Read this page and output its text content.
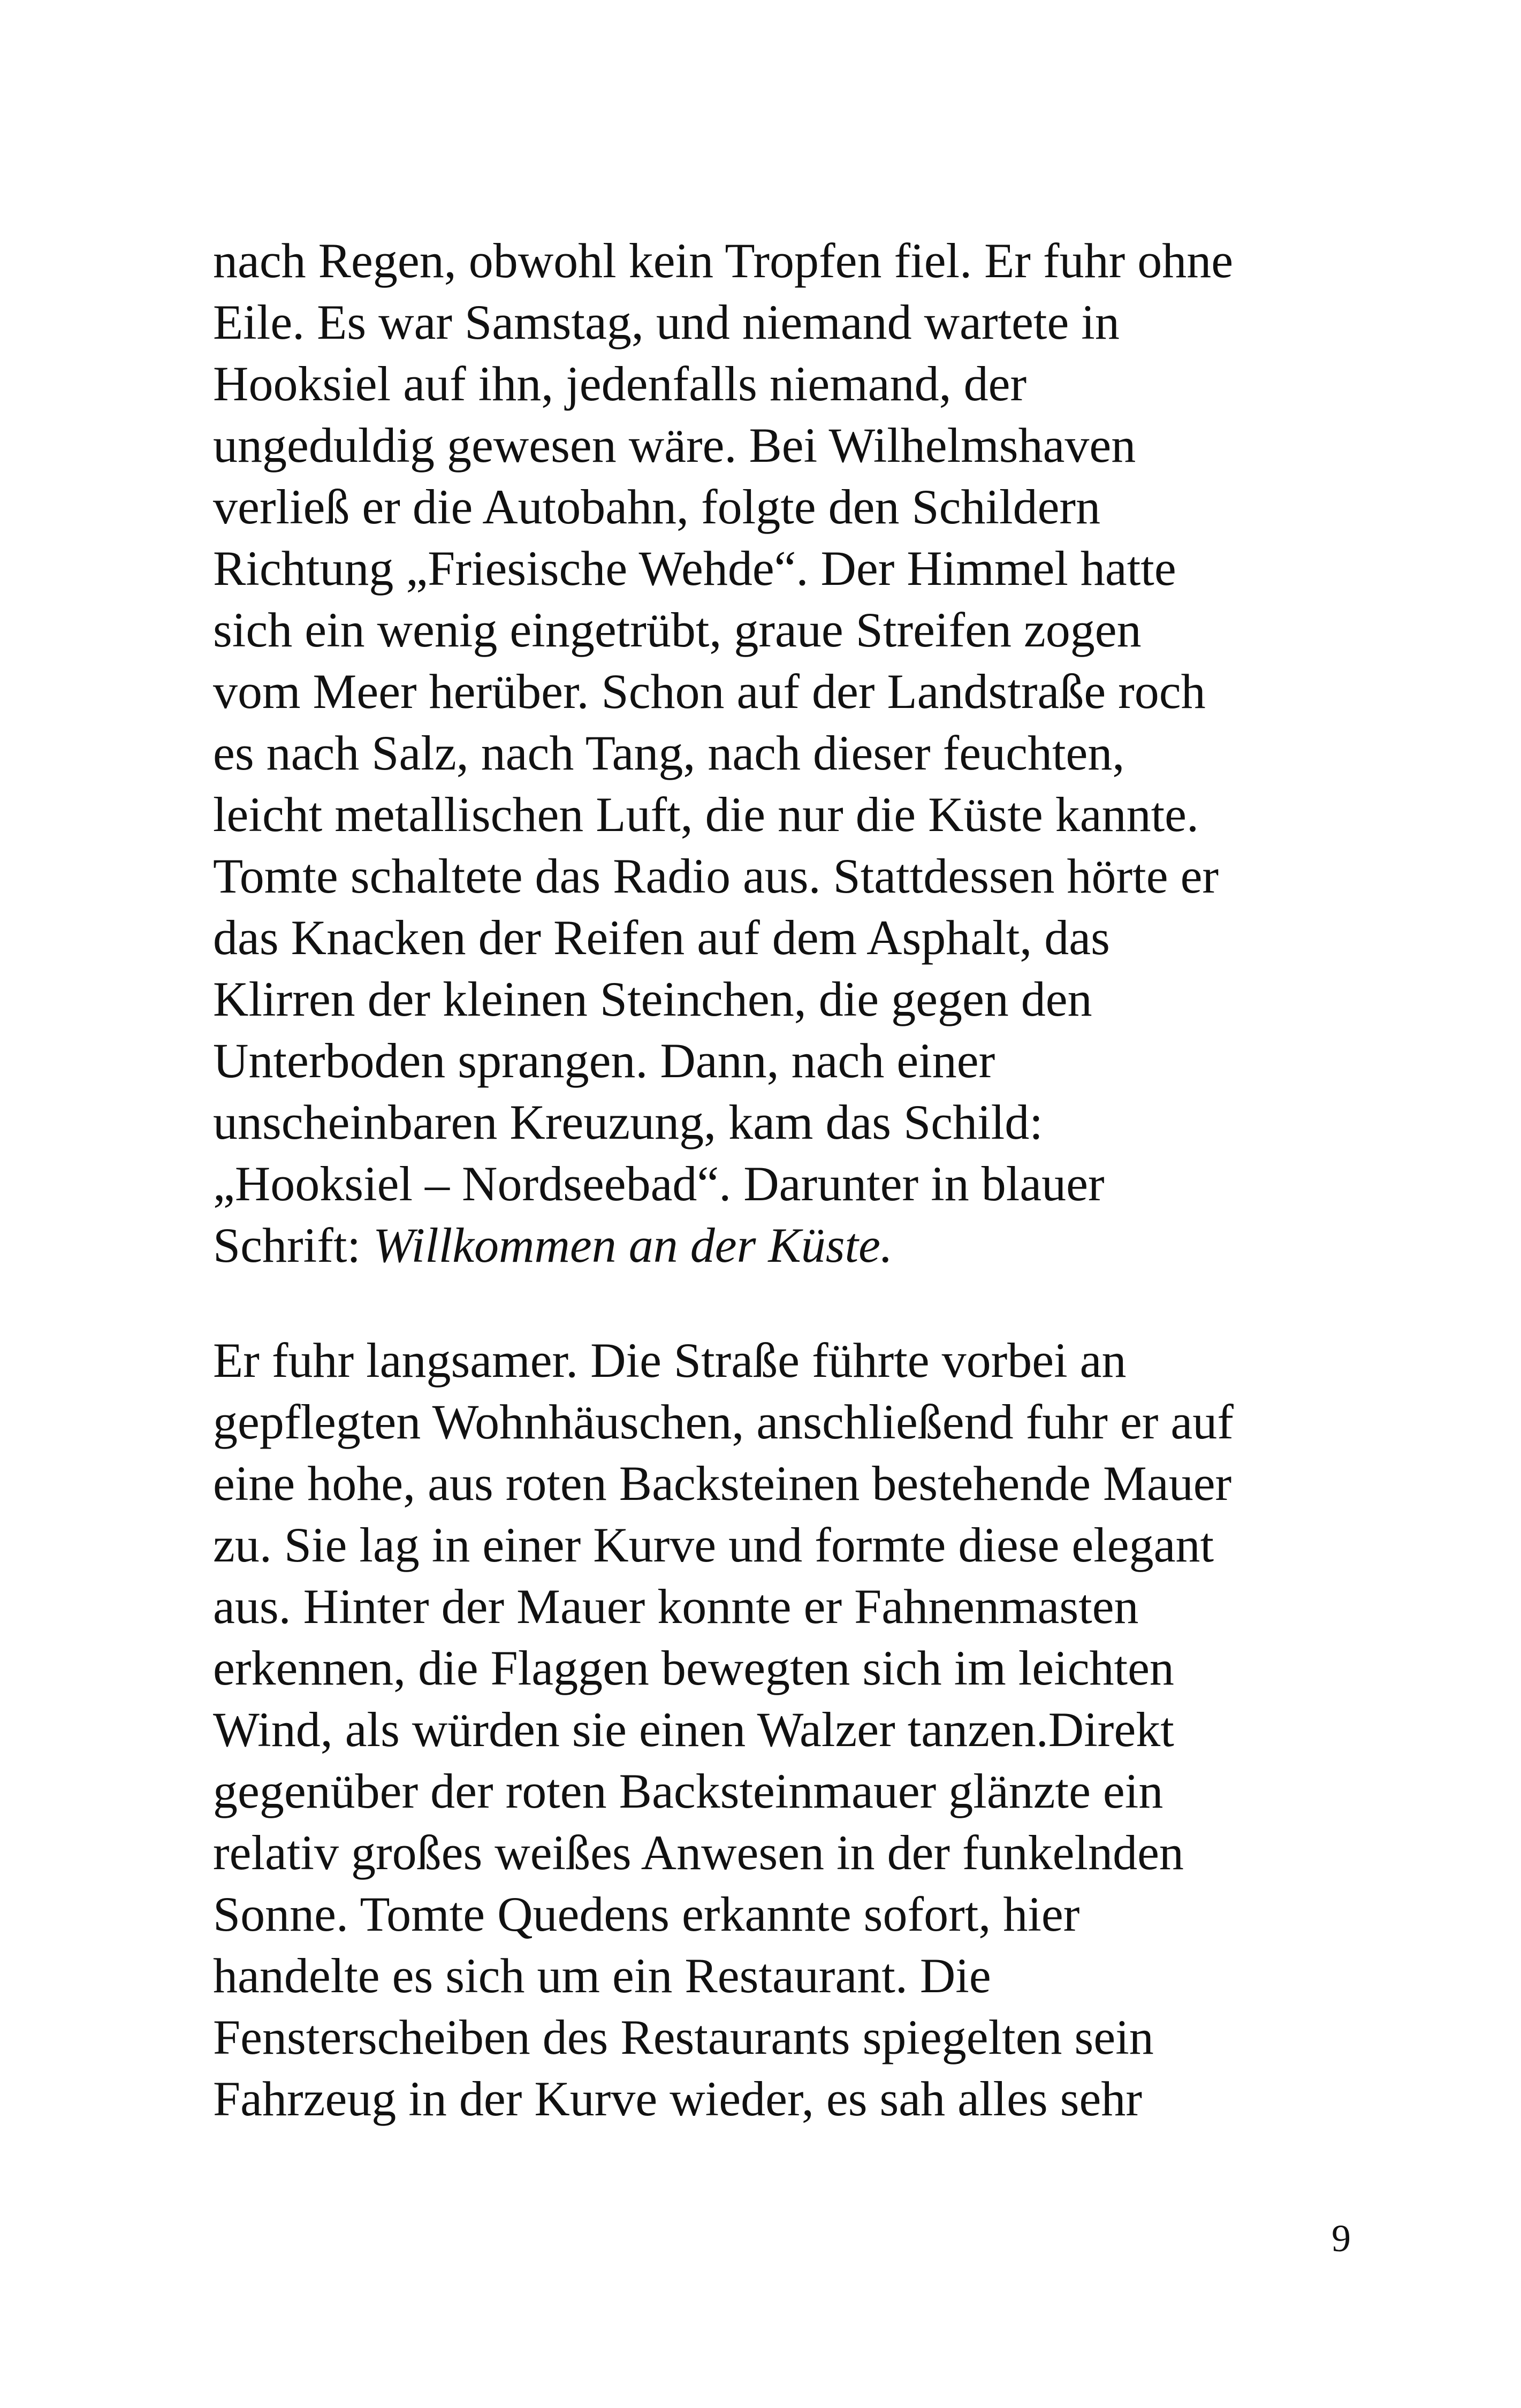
nach Regen, obwohl kein Tropfen fiel. Er fuhr ohne
Eile. Es war Samstag, und niemand wartete in
Hooksiel auf ihn, jedenfalls niemand, der
ungeduldig gewesen wäre. Bei Wilhelmshaven
verließ er die Autobahn, folgte den Schildern
Richtung „Friesische Wehde“. Der Himmel hatte
sich ein wenig eingetrübt, graue Streifen zogen
vom Meer herüber. Schon auf der Landstraße roch
es nach Salz, nach Tang, nach dieser feuchten,
leicht metallischen Luft, die nur die Küste kannte.
Tomte schaltete das Radio aus. Stattdessen hörte er
das Knacken der Reifen auf dem Asphalt, das
Klirren der kleinen Steinchen, die gegen den
Unterboden sprangen. Dann, nach einer
unscheinbaren Kreuzung, kam das Schild:
„Hooksiel – Nordseebad“. Darunter in blauer
Schrift: Willkommen an der Küste.
Er fuhr langsamer. Die Straße führte vorbei an
gepflegten Wohnhäuschen, anschließend fuhr er auf
eine hohe, aus roten Backsteinen bestehende Mauer
zu. Sie lag in einer Kurve und formte diese elegant
aus. Hinter der Mauer konnte er Fahnenmasten
erkennen, die Flaggen bewegten sich im leichten
Wind, als würden sie einen Walzer tanzen.Direkt
gegenüber der roten Backsteinmauer glänzte ein
relativ großes weißes Anwesen in der funkelnden
Sonne. Tomte Quedens erkannte sofort, hier
handelte es sich um ein Restaurant. Die
Fensterscheiben des Restaurants spiegelten sein
Fahrzeug in der Kurve wieder, es sah alles sehr
9
